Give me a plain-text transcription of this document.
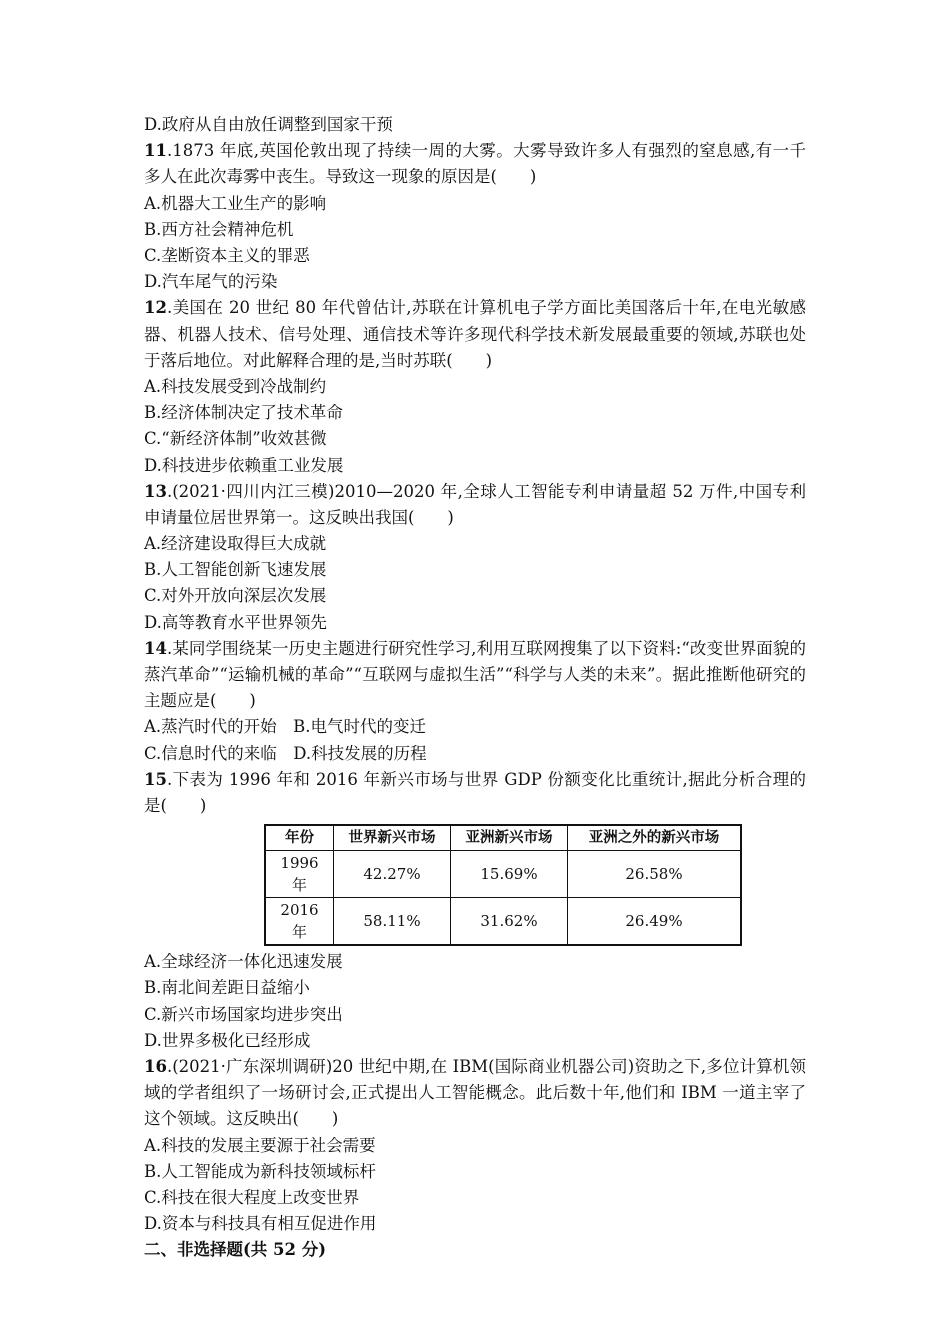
D.政府从自由放任调整到国家干预
11.1873 年底,英国伦敦出现了持续一周的大雾。大雾导致许多人有强烈的窒息感,有一千多人在此次毒雾中丧生。导致这一现象的原因是(　　)
A.机器大工业生产的影响
B.西方社会精神危机
C.垄断资本主义的罪恶
D.汽车尾气的污染
12.美国在 20 世纪 80 年代曾估计,苏联在计算机电子学方面比美国落后十年,在电光敏感器、机器人技术、信号处理、通信技术等许多现代科学技术新发展最重要的领域,苏联也处于落后地位。对此解释合理的是,当时苏联(　　)
A.科技发展受到冷战制约
B.经济体制决定了技术革命
C.“新经济体制”收效甚微
D.科技进步依赖重工业发展
13.(2021·四川内江三模)2010—2020 年,全球人工智能专利申请量超 52 万件,中国专利申请量位居世界第一。这反映出我国(　　)
A.经济建设取得巨大成就
B.人工智能创新飞速发展
C.对外开放向深层次发展
D.高等教育水平世界领先
14.某同学围绕某一历史主题进行研究性学习,利用互联网搜集了以下资料:“改变世界面貌的蒸汽革命”“运输机械的革命”“互联网与虚拟生活”“科学与人类的未来”。据此推断他研究的主题应是(　　)
A.蒸汽时代的开始　B.电气时代的变迁
C.信息时代的来临　D.科技发展的历程
15.下表为 1996 年和 2016 年新兴市场与世界 GDP 份额变化比重统计,据此分析合理的是(　　)
年份	世界新兴市场	亚洲新兴市场	亚洲之外的新兴市场
1996 年	42.27%	15.69%	26.58%
2016 年	58.11%	31.62%	26.49%
A.全球经济一体化迅速发展
B.南北间差距日益缩小
C.新兴市场国家均进步突出
D.世界多极化已经形成
16.(2021·广东深圳调研)20 世纪中期,在 IBM(国际商业机器公司)资助之下,多位计算机领域的学者组织了一场研讨会,正式提出人工智能概念。此后数十年,他们和 IBM 一道主宰了这个领域。这反映出(　　)
A.科技的发展主要源于社会需要
B.人工智能成为新科技领域标杆
C.科技在很大程度上改变世界
D.资本与科技具有相互促进作用
二、非选择题(共 52 分)
